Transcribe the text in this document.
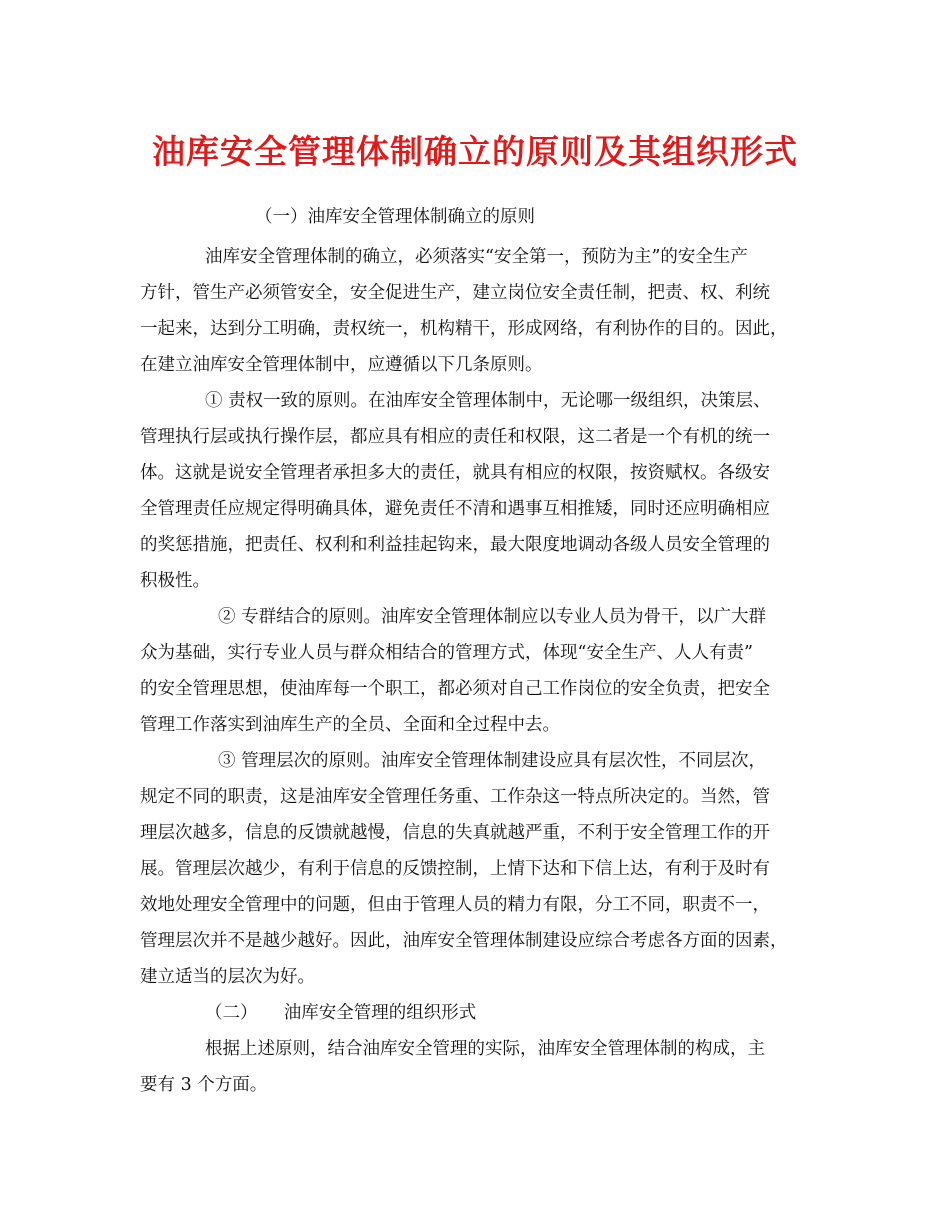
油库安全管理体制确立的原则及其组织形式
（一）油库安全管理体制确立的原则
油库安全管理体制的确立，必须落实“安全第一，预防为主”的安全生产
方针，管生产必须管安全，安全促进生产，建立岗位安全责任制，把责、权、利统
一起来，达到分工明确，责权统一，机构精干，形成网络，有利协作的目的。因此，
在建立油库安全管理体制中，应遵循以下几条原则。
① 责权一致的原则。在油库安全管理体制中，无论哪一级组织，决策层、
管理执行层或执行操作层，都应具有相应的责任和权限，这二者是一个有机的统一
体。这就是说安全管理者承担多大的责任，就具有相应的权限，按资赋权。各级安
全管理责任应规定得明确具体，避免责任不清和遇事互相推矮，同时还应明确相应
的奖惩措施，把责任、权利和利益挂起钩来，最大限度地调动各级人员安全管理的
积极性。
② 专群结合的原则。油库安全管理体制应以专业人员为骨干，以广大群
众为基础，实行专业人员与群众相结合的管理方式，体现“安全生产、人人有责”
的安全管理思想，使油库每一个职工，都必须对自己工作岗位的安全负责，把安全
管理工作落实到油库生产的全员、全面和全过程中去。
③ 管理层次的原则。油库安全管理体制建设应具有层次性，不同层次，
规定不同的职责，这是油库安全管理任务重、工作杂这一特点所决定的。当然，管
理层次越多，信息的反馈就越慢，信息的失真就越严重，不利于安全管理工作的开
展。管理层次越少，有利于信息的反馈控制，上情下达和下信上达，有利于及时有
效地处理安全管理中的问题，但由于管理人员的精力有限，分工不同，职责不一，
管理层次并不是越少越好。因此，油库安全管理体制建设应综合考虑各方面的因素，
建立适当的层次为好。
（二）　　油库安全管理的组织形式
根据上述原则，结合油库安全管理的实际，油库安全管理体制的构成，主
要有 3 个方面。
